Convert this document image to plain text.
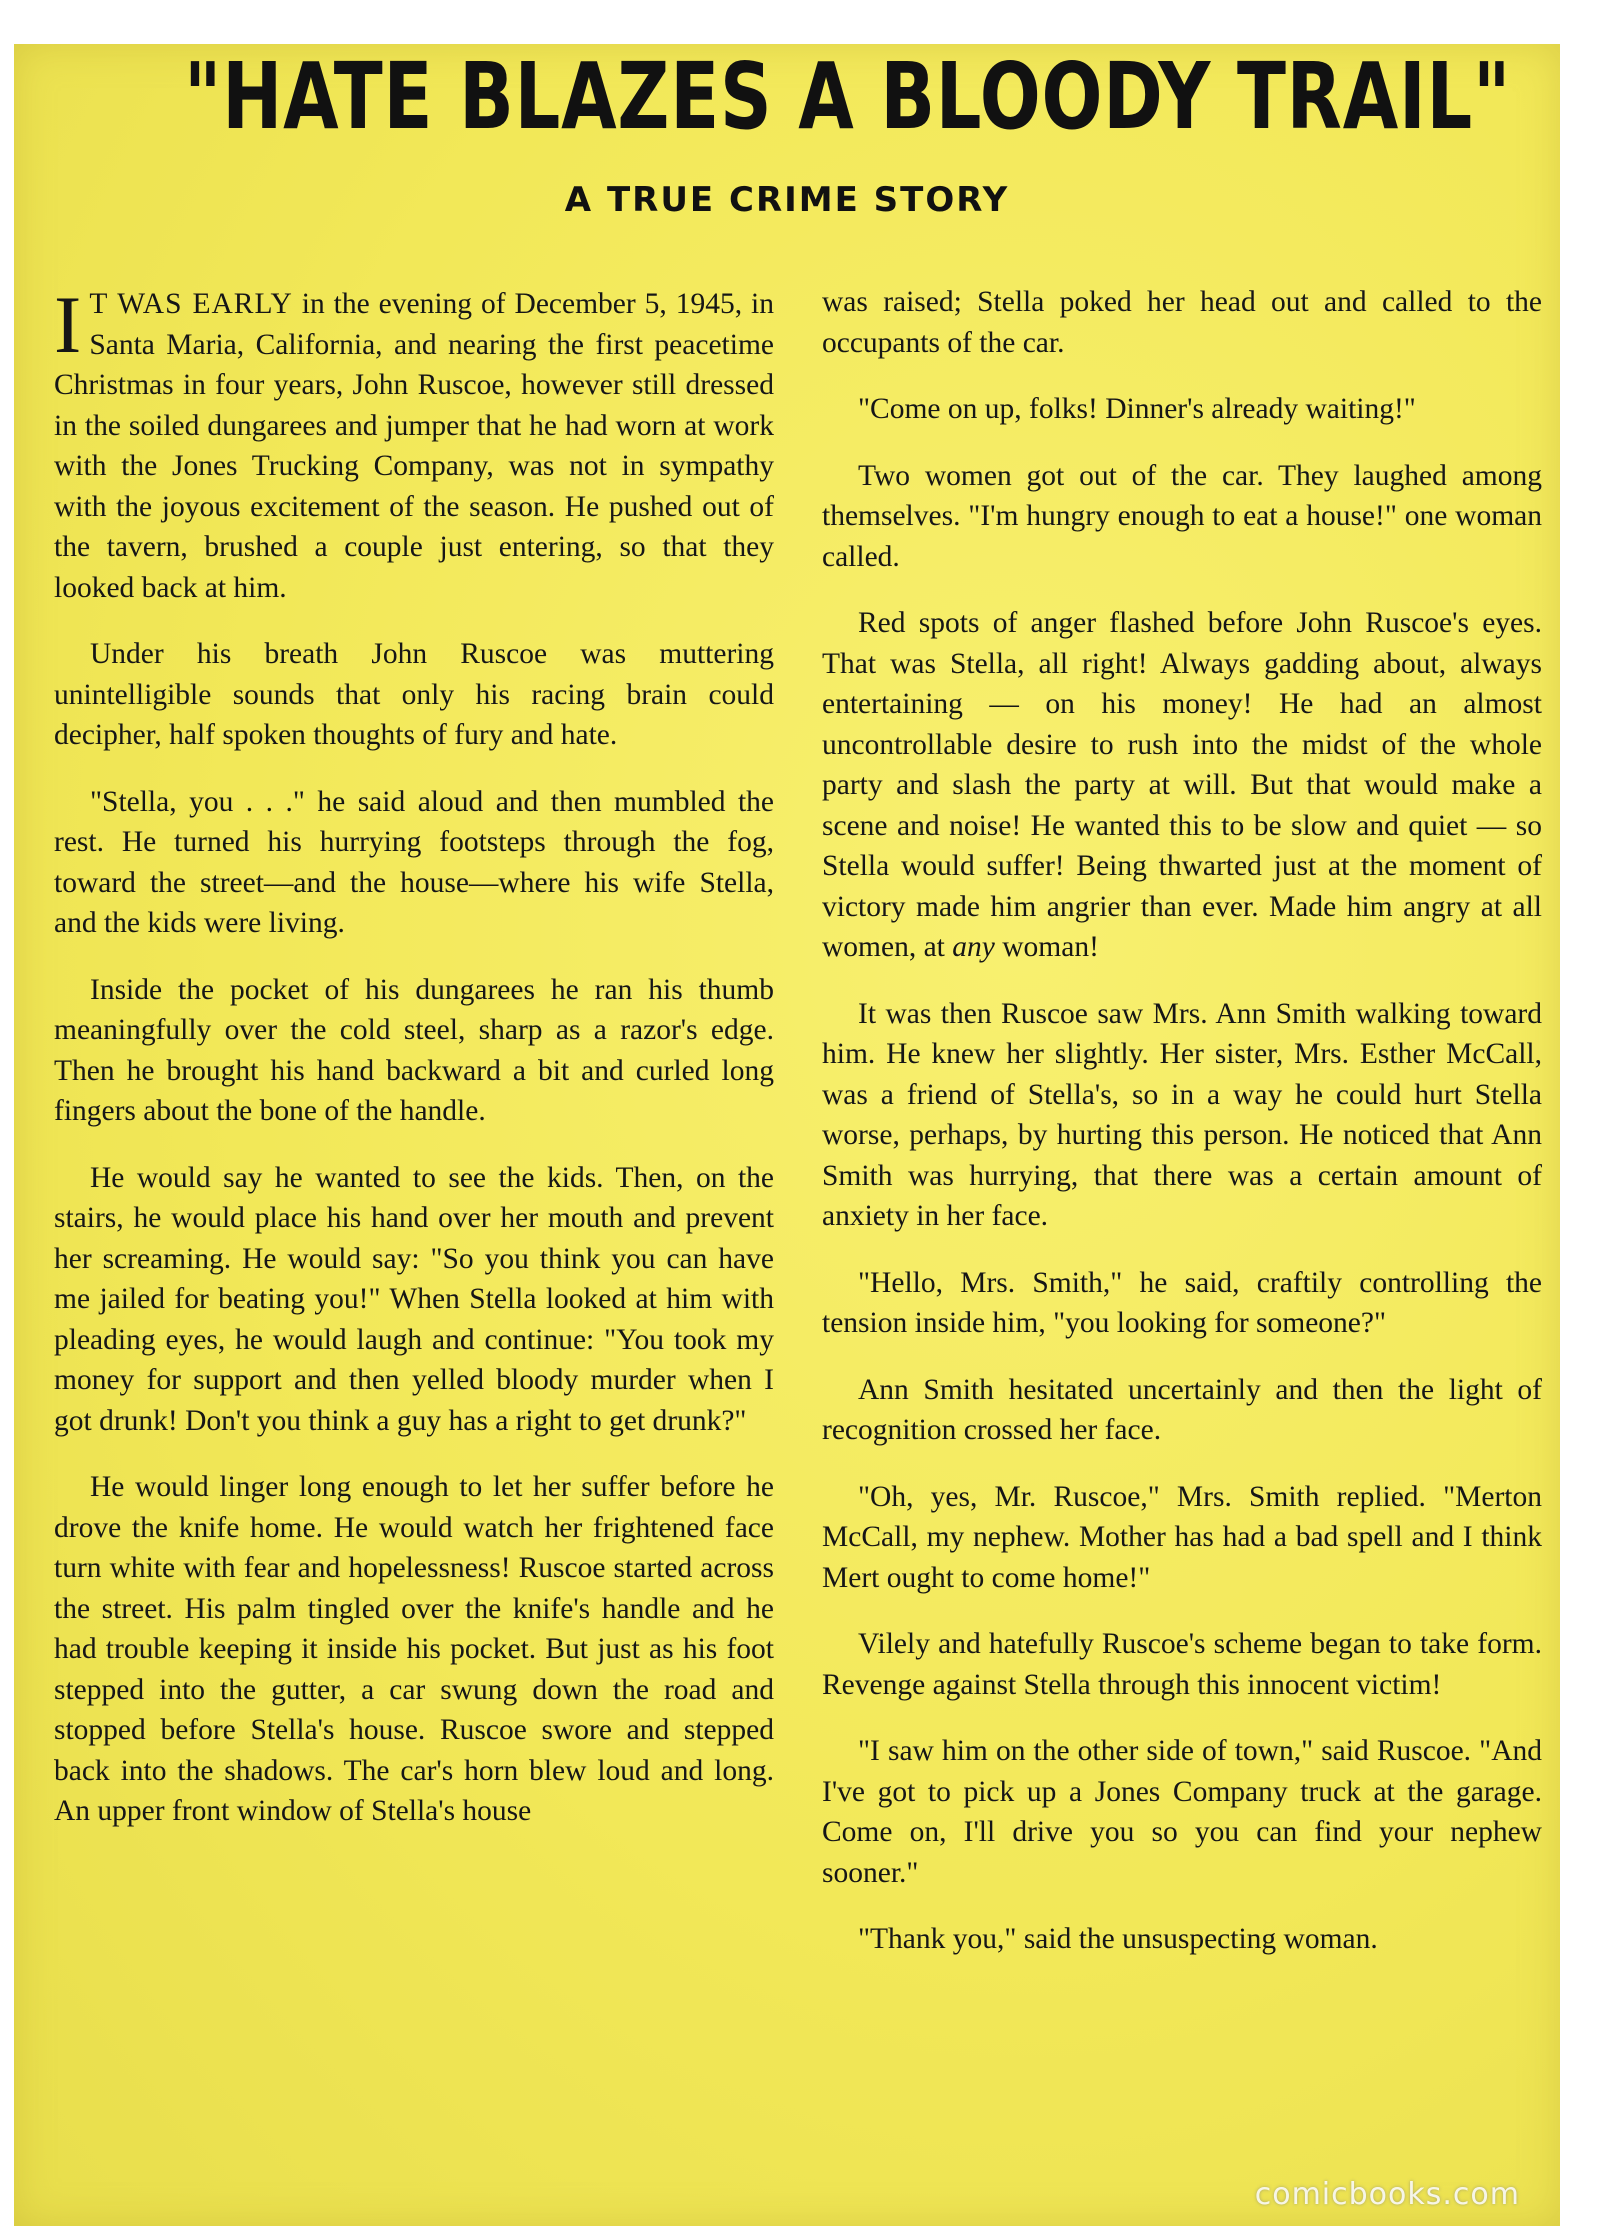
"HATE BLAZES A BLOODY TRAIL"
A TRUE CRIME STORY

I T WAS EARLY in the evening of December 5, 1945, in Santa Maria, California, and nearing the first peacetime Christmas in four years, John Ruscoe, however still dressed in the soiled dungarees and jumper that he had worn at work with the Jones Trucking Company, was not in sympathy with the joyous excitement of the season. He pushed out of the tavern, brushed a couple just entering, so that they looked back at him.

Under his breath John Ruscoe was muttering unintelligible sounds that only his racing brain could decipher, half spoken thoughts of fury and hate.

"Stella, you . . ." he said aloud and then mumbled the rest. He turned his hurrying footsteps through the fog, toward the street—and the house—where his wife Stella, and the kids were living.

Inside the pocket of his dungarees he ran his thumb meaningfully over the cold steel, sharp as a razor's edge. Then he brought his hand backward a bit and curled long fingers about the bone of the handle.

He would say he wanted to see the kids. Then, on the stairs, he would place his hand over her mouth and prevent her screaming. He would say: "So you think you can have me jailed for beating you!" When Stella looked at him with pleading eyes, he would laugh and continue: "You took my money for support and then yelled bloody murder when I got drunk! Don't you think a guy has a right to get drunk?"

He would linger long enough to let her suffer before he drove the knife home. He would watch her frightened face turn white with fear and hopelessness! Ruscoe started across the street. His palm tingled over the knife's handle and he had trouble keeping it inside his pocket. But just as his foot stepped into the gutter, a car swung down the road and stopped before Stella's house. Ruscoe swore and stepped back into the shadows. The car's horn blew loud and long. An upper front window of Stella's house

was raised; Stella poked her head out and called to the occupants of the car.

"Come on up, folks! Dinner's already waiting!"

Two women got out of the car. They laughed among themselves. "I'm hungry enough to eat a house!" one woman called.

Red spots of anger flashed before John Ruscoe's eyes. That was Stella, all right! Always gadding about, always entertaining — on his money! He had an almost uncontrollable desire to rush into the midst of the whole party and slash the party at will. But that would make a scene and noise! He wanted this to be slow and quiet — so Stella would suffer! Being thwarted just at the moment of victory made him angrier than ever. Made him angry at all women, at any woman!

It was then Ruscoe saw Mrs. Ann Smith walking toward him. He knew her slightly. Her sister, Mrs. Esther McCall, was a friend of Stella's, so in a way he could hurt Stella worse, perhaps, by hurting this person. He noticed that Ann Smith was hurrying, that there was a certain amount of anxiety in her face.

"Hello, Mrs. Smith," he said, craftily controlling the tension inside him, "you looking for someone?"

Ann Smith hesitated uncertainly and then the light of recognition crossed her face.

"Oh, yes, Mr. Ruscoe," Mrs. Smith replied. "Merton McCall, my nephew. Mother has had a bad spell and I think Mert ought to come home!"

Vilely and hatefully Ruscoe's scheme began to take form. Revenge against Stella through this innocent victim!

"I saw him on the other side of town," said Ruscoe. "And I've got to pick up a Jones Company truck at the garage. Come on, I'll drive you so you can find your nephew sooner."

"Thank you," said the unsuspecting woman.

comicbooks.com
